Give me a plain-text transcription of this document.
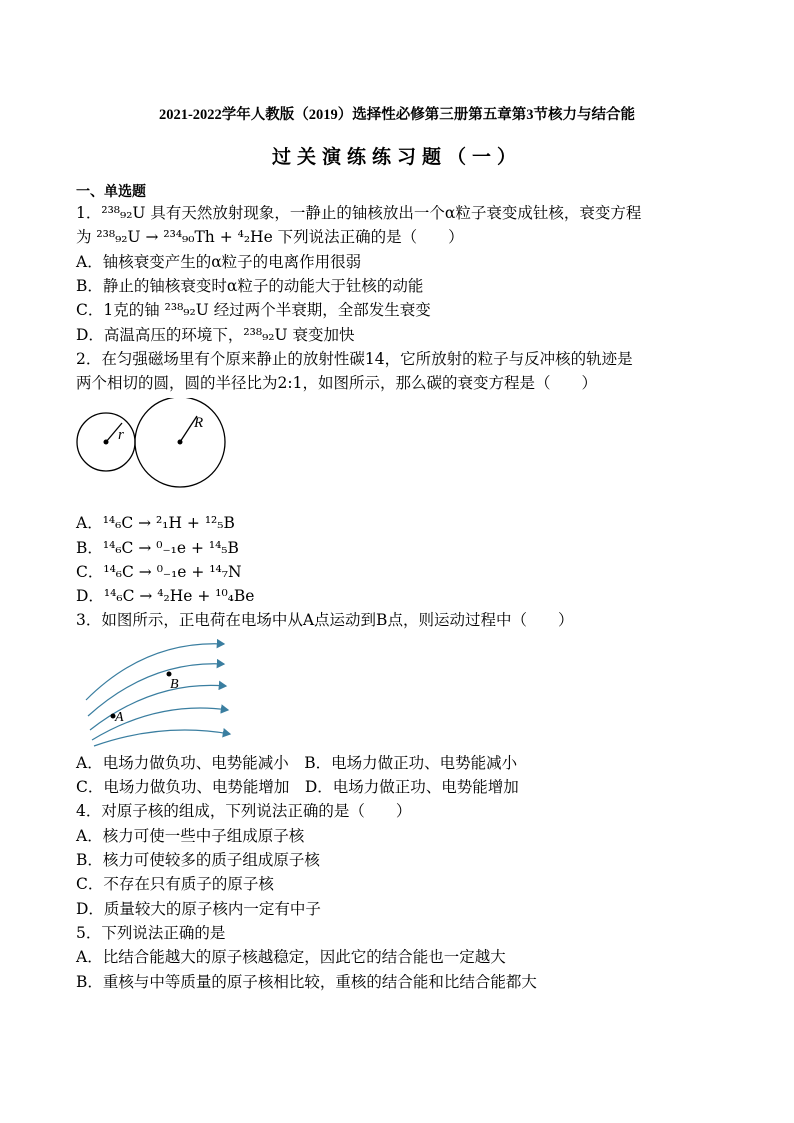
2021-2022学年人教版（2019）选择性必修第三册第五章第3节核力与结合能
过关演练练习题（一）
一、单选题
1．²³⁸₉₂U 具有天然放射现象，一静止的铀核放出一个α粒子衰变成钍核，衰变方程
为 ²³⁸₉₂U → ²³⁴₉₀Th + ⁴₂He 下列说法正确的是（　　）
A．铀核衰变产生的α粒子的电离作用很弱
B．静止的铀核衰变时α粒子的动能大于钍核的动能
C．1克的铀 ²³⁸₉₂U 经过两个半衰期，全部发生衰变
D．高温高压的环境下，²³⁸₉₂U 衰变加快
2．在匀强磁场里有个原来静止的放射性碳14，它所放射的粒子与反冲核的轨迹是
两个相切的圆，圆的半径比为2:1，如图所示，那么碳的衰变方程是（　　）
r
R
A．¹⁴₆C → ²₁H + ¹²₅B
B．¹⁴₆C → ⁰₋₁e + ¹⁴₅B
C．¹⁴₆C → ⁰₋₁e + ¹⁴₇N
D．¹⁴₆C → ⁴₂He + ¹⁰₄Be
3．如图所示，正电荷在电场中从A点运动到B点，则运动过程中（　　）
B
A
A．电场力做负功、电势能减小　B．电场力做正功、电势能减小
C．电场力做负功、电势能增加　D．电场力做正功、电势能增加
4．对原子核的组成，下列说法正确的是（　　）
A．核力可使一些中子组成原子核
B．核力可使较多的质子组成原子核
C．不存在只有质子的原子核
D．质量较大的原子核内一定有中子
5．下列说法正确的是
A．比结合能越大的原子核越稳定，因此它的结合能也一定越大
B．重核与中等质量的原子核相比较，重核的结合能和比结合能都大
